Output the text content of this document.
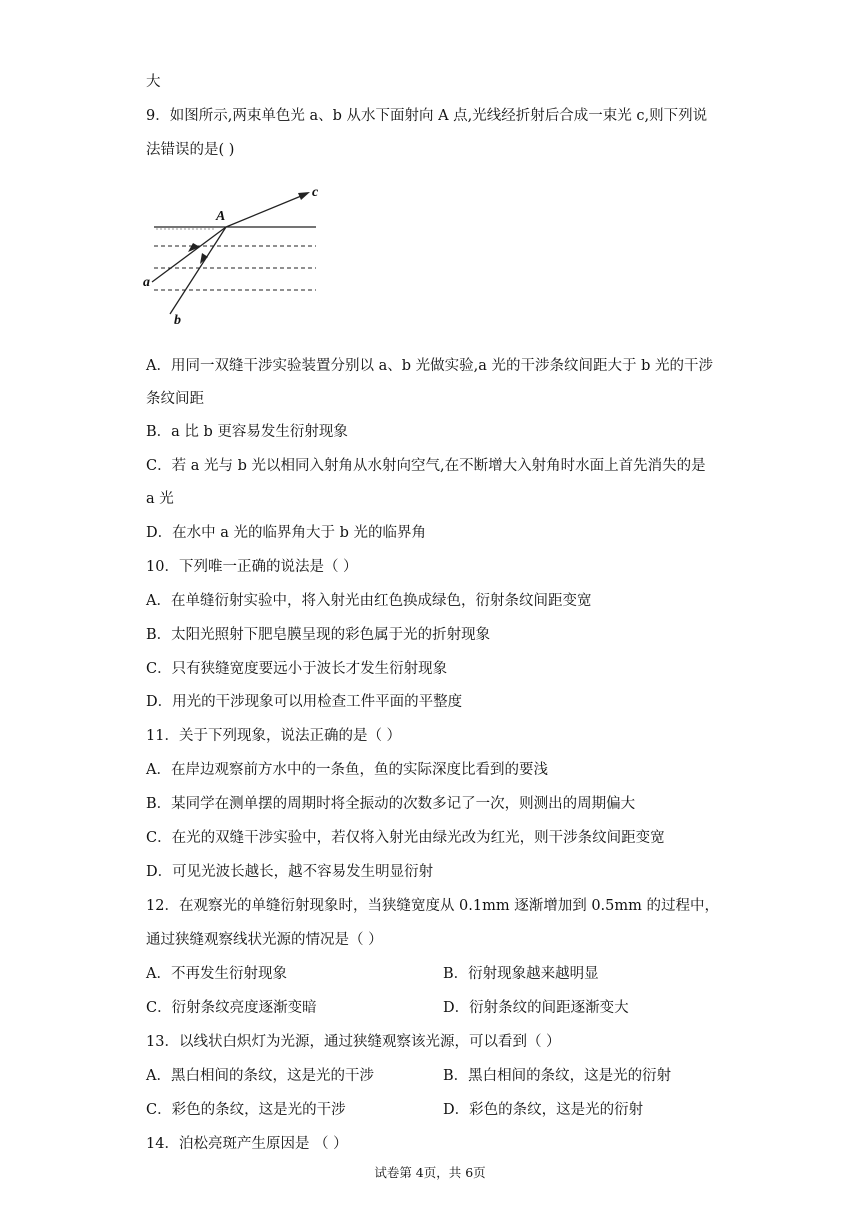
大
9．如图所示,两束单色光 a、b 从水下面射向 A 点,光线经折射后合成一束光 c,则下列说
法错误的是( )
A
a
b
c
A．用同一双缝干涉实验装置分别以 a、b 光做实验,a 光的干涉条纹间距大于 b 光的干涉
条纹间距
B．a 比 b 更容易发生衍射现象
C．若 a 光与 b 光以相同入射角从水射向空气,在不断增大入射角时水面上首先消失的是
a 光
D．在水中 a 光的临界角大于 b 光的临界角
10．下列唯一正确的说法是（ ）
A．在单缝衍射实验中，将入射光由红色换成绿色，衍射条纹间距变宽
B．太阳光照射下肥皂膜呈现的彩色属于光的折射现象
C．只有狭缝宽度要远小于波长才发生衍射现象
D．用光的干涉现象可以用检查工件平面的平整度
11．关于下列现象，说法正确的是（ ）
A．在岸边观察前方水中的一条鱼，鱼的实际深度比看到的要浅
B．某同学在测单摆的周期时将全振动的次数多记了一次，则测出的周期偏大
C．在光的双缝干涉实验中，若仅将入射光由绿光改为红光，则干涉条纹间距变宽
D．可见光波长越长，越不容易发生明显衍射
12．在观察光的单缝衍射现象时，当狭缝宽度从 0.1mm 逐渐增加到 0.5mm 的过程中，
通过狭缝观察线状光源的情况是（ ）
A．不再发生衍射现象	B．衍射现象越来越明显
C．衍射条纹亮度逐渐变暗	D．衍射条纹的间距逐渐变大
13．以线状白炽灯为光源，通过狭缝观察该光源，可以看到（ ）
A．黑白相间的条纹，这是光的干涉	B．黑白相间的条纹，这是光的衍射
C．彩色的条纹，这是光的干涉	D．彩色的条纹，这是光的衍射
14．泊松亮斑产生原因是 （ ）
试卷第 4页，共 6页
